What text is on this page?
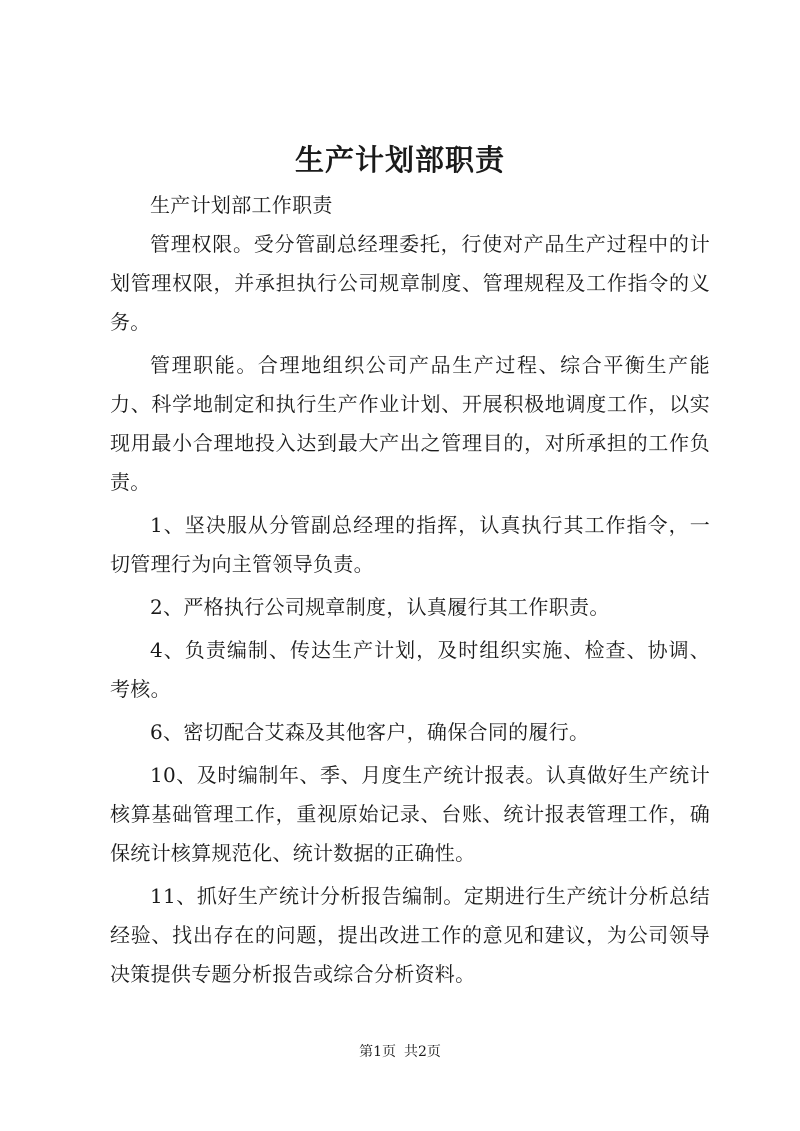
生产计划部职责

生产计划部工作职责

管理权限。受分管副总经理委托，行使对产品生产过程中的计划管理权限，并承担执行公司规章制度、管理规程及工作指令的义务。

管理职能。合理地组织公司产品生产过程、综合平衡生产能力、科学地制定和执行生产作业计划、开展积极地调度工作，以实现用最小合理地投入达到最大产出之管理目的，对所承担的工作负责。

1、坚决服从分管副总经理的指挥，认真执行其工作指令，一切管理行为向主管领导负责。

2、严格执行公司规章制度，认真履行其工作职责。

4、负责编制、传达生产计划，及时组织实施、检查、协调、考核。

6、密切配合艾森及其他客户，确保合同的履行。

10、及时编制年、季、月度生产统计报表。认真做好生产统计核算基础管理工作，重视原始记录、台账、统计报表管理工作，确保统计核算规范化、统计数据的正确性。

11、抓好生产统计分析报告编制。定期进行生产统计分析总结经验、找出存在的问题，提出改进工作的意见和建议，为公司领导决策提供专题分析报告或综合分析资料。

第1页 共2页
